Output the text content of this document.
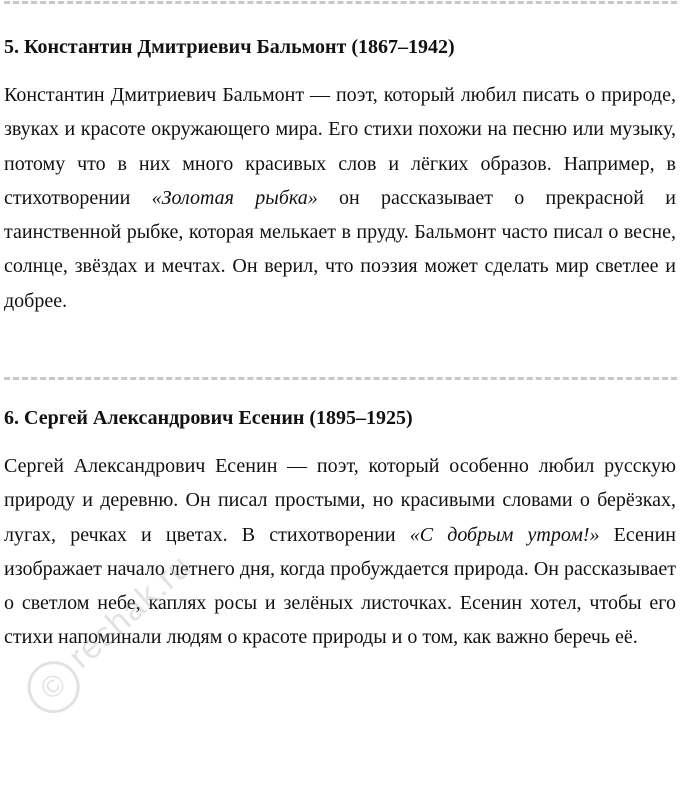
5. Константин Дмитриевич Бальмонт (1867–1942)

Константин Дмитриевич Бальмонт — поэт, который любил писать о природе, звуках и красоте окружающего мира. Его стихи похожи на песню или музыку, потому что в них много красивых слов и лёгких образов. Например, в стихотворении «Золотая рыбка» он рассказывает о прекрасной и таинственной рыбке, которая мелькает в пруду. Бальмонт часто писал о весне, солнце, звёздах и мечтах. Он верил, что поэзия может сделать мир светлее и добрее.

6. Сергей Александрович Есенин (1895–1925)

Сергей Александрович Есенин — поэт, который особенно любил русскую природу и деревню. Он писал простыми, но красивыми словами о берёзках, лугах, речках и цветах. В стихотворении «С добрым утром!» Есенин изображает начало летнего дня, когда пробуждается природа. Он рассказывает о светлом небе, каплях росы и зелёных листочках. Есенин хотел, чтобы его стихи напоминали людям о красоте природы и о том, как важно беречь её.

©
reshak.ru
